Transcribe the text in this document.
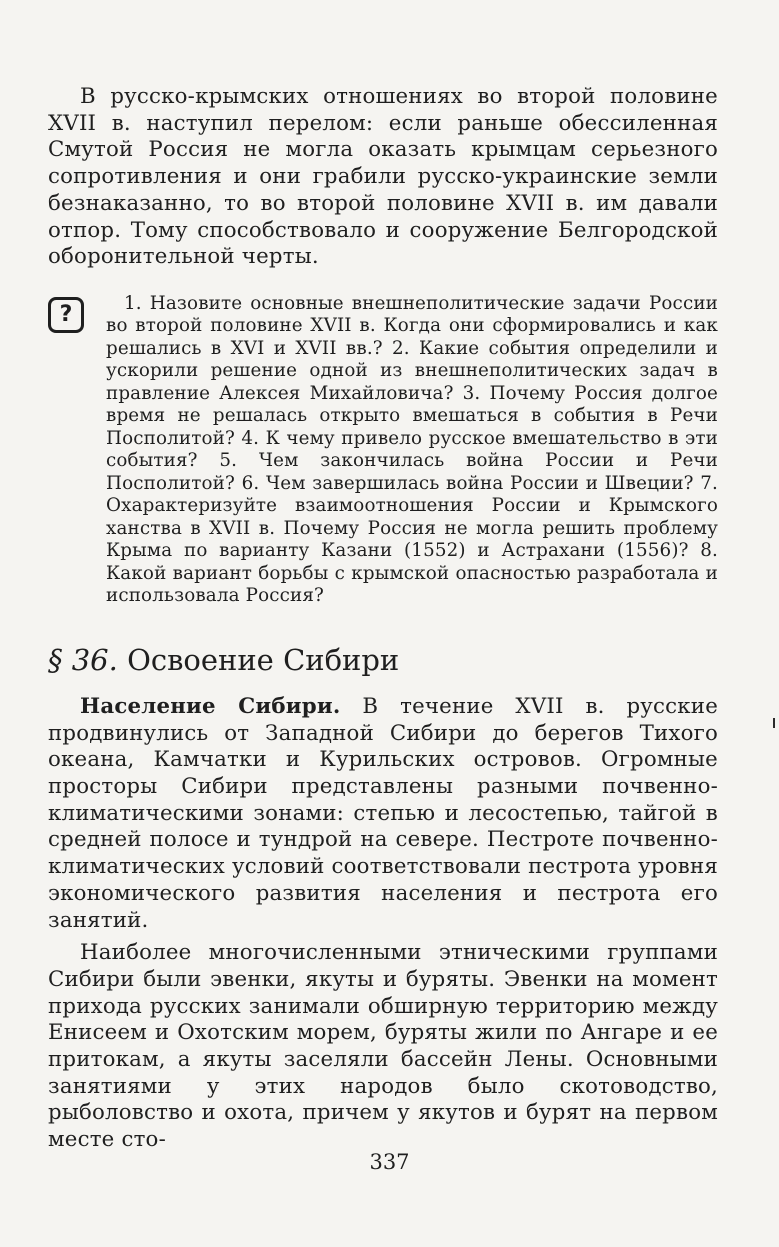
В русско-крымских отношениях во второй половине XVII в. наступил перелом: если раньше обессиленная Смутой Россия не могла оказать крымцам серьезного сопротивления и они грабили русско-украинские земли безнаказанно, то во второй половине XVII в. им давали отпор. Тому способствовало и сооружение Белгородской оборонительной черты.

?	1. Назовите основные внешнеполитические задачи России во второй половине XVII в. Когда они сформировались и как решались в XVI и XVII вв.? 2. Какие события определили и ускорили решение одной из внешнеполитических задач в правление Алексея Михайловича? 3. Почему Россия долгое время не решалась открыто вмешаться в события в Речи Посполитой? 4. К чему привело русское вмешательство в эти события? 5. Чем закончилась война России и Речи Посполитой? 6. Чем завершилась война России и Швеции? 7. Охарактеризуйте взаимоотношения России и Крымского ханства в XVII в. Почему Россия не могла решить проблему Крыма по варианту Казани (1552) и Астрахани (1556)? 8. Какой вариант борьбы с крымской опасностью разработала и использовала Россия?

§ 36. Освоение Сибири

Население Сибири. В течение XVII в. русские продвинулись от Западной Сибири до берегов Тихого океана, Камчатки и Курильских островов. Огромные просторы Сибири представлены разными почвенно-климатическими зонами: степью и лесостепью, тайгой в средней полосе и тундрой на севере. Пестроте почвенно-климатических условий соответствовали пестрота уровня экономического развития населения и пестрота его занятий.

Наиболее многочисленными этническими группами Сибири были эвенки, якуты и буряты. Эвенки на момент прихода русских занимали обширную территорию между Енисеем и Охотским морем, буряты жили по Ангаре и ее притокам, а якуты заселяли бассейн Лены. Основными занятиями у этих народов было скотоводство, рыболовство и охота, причем у якутов и бурят на первом месте сто-

337
